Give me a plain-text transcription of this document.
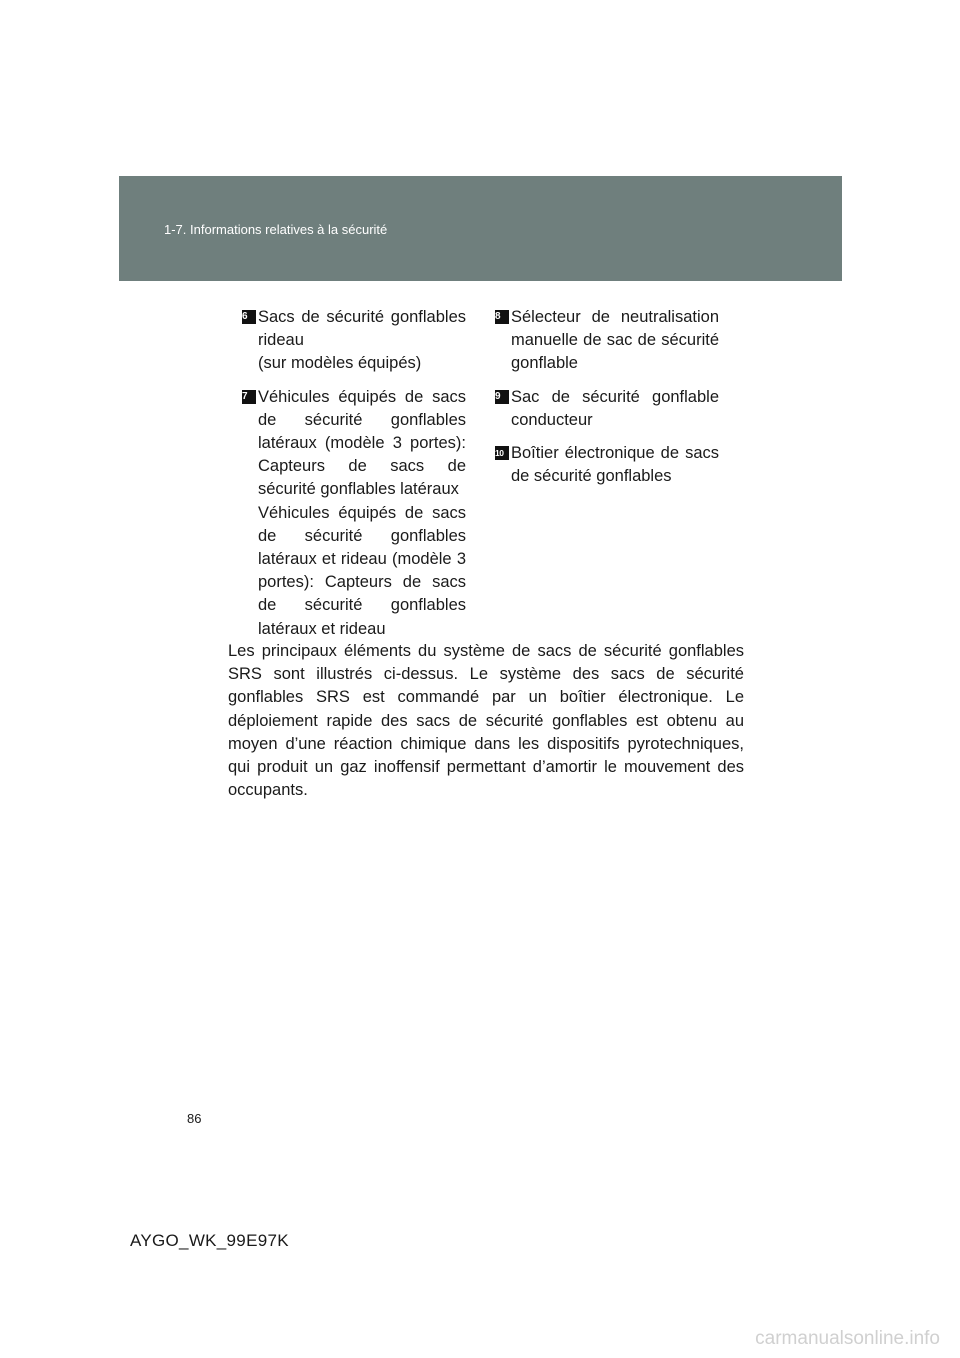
1-7. Informations relatives à la sécurité
6 Sacs de sécurité gonflables rideau
(sur modèles équipés)
7 Véhicules équipés de sacs de sécurité gonflables latéraux (modèle 3 portes): Capteurs de sacs de sécurité gonflables latéraux
Véhicules équipés de sacs de sécurité gonflables latéraux et rideau (modèle 3 portes): Capteurs de sacs de sécurité gonflables latéraux et rideau
8 Sélecteur de neutralisation manuelle de sac de sécurité gonflable
9 Sac de sécurité gonflable conducteur
10 Boîtier électronique de sacs de sécurité gonflables
Les principaux éléments du système de sacs de sécurité gonflables SRS sont illustrés ci-dessus. Le système des sacs de sécurité gonflables SRS est commandé par un boîtier électronique. Le déploiement rapide des sacs de sécurité gonflables est obtenu au moyen d’une réaction chimique dans les dispositifs pyrotechniques, qui produit un gaz inoffensif permettant d’amortir le mouvement des occupants.
86
AYGO_WK_99E97K
carmanualsonline.info
